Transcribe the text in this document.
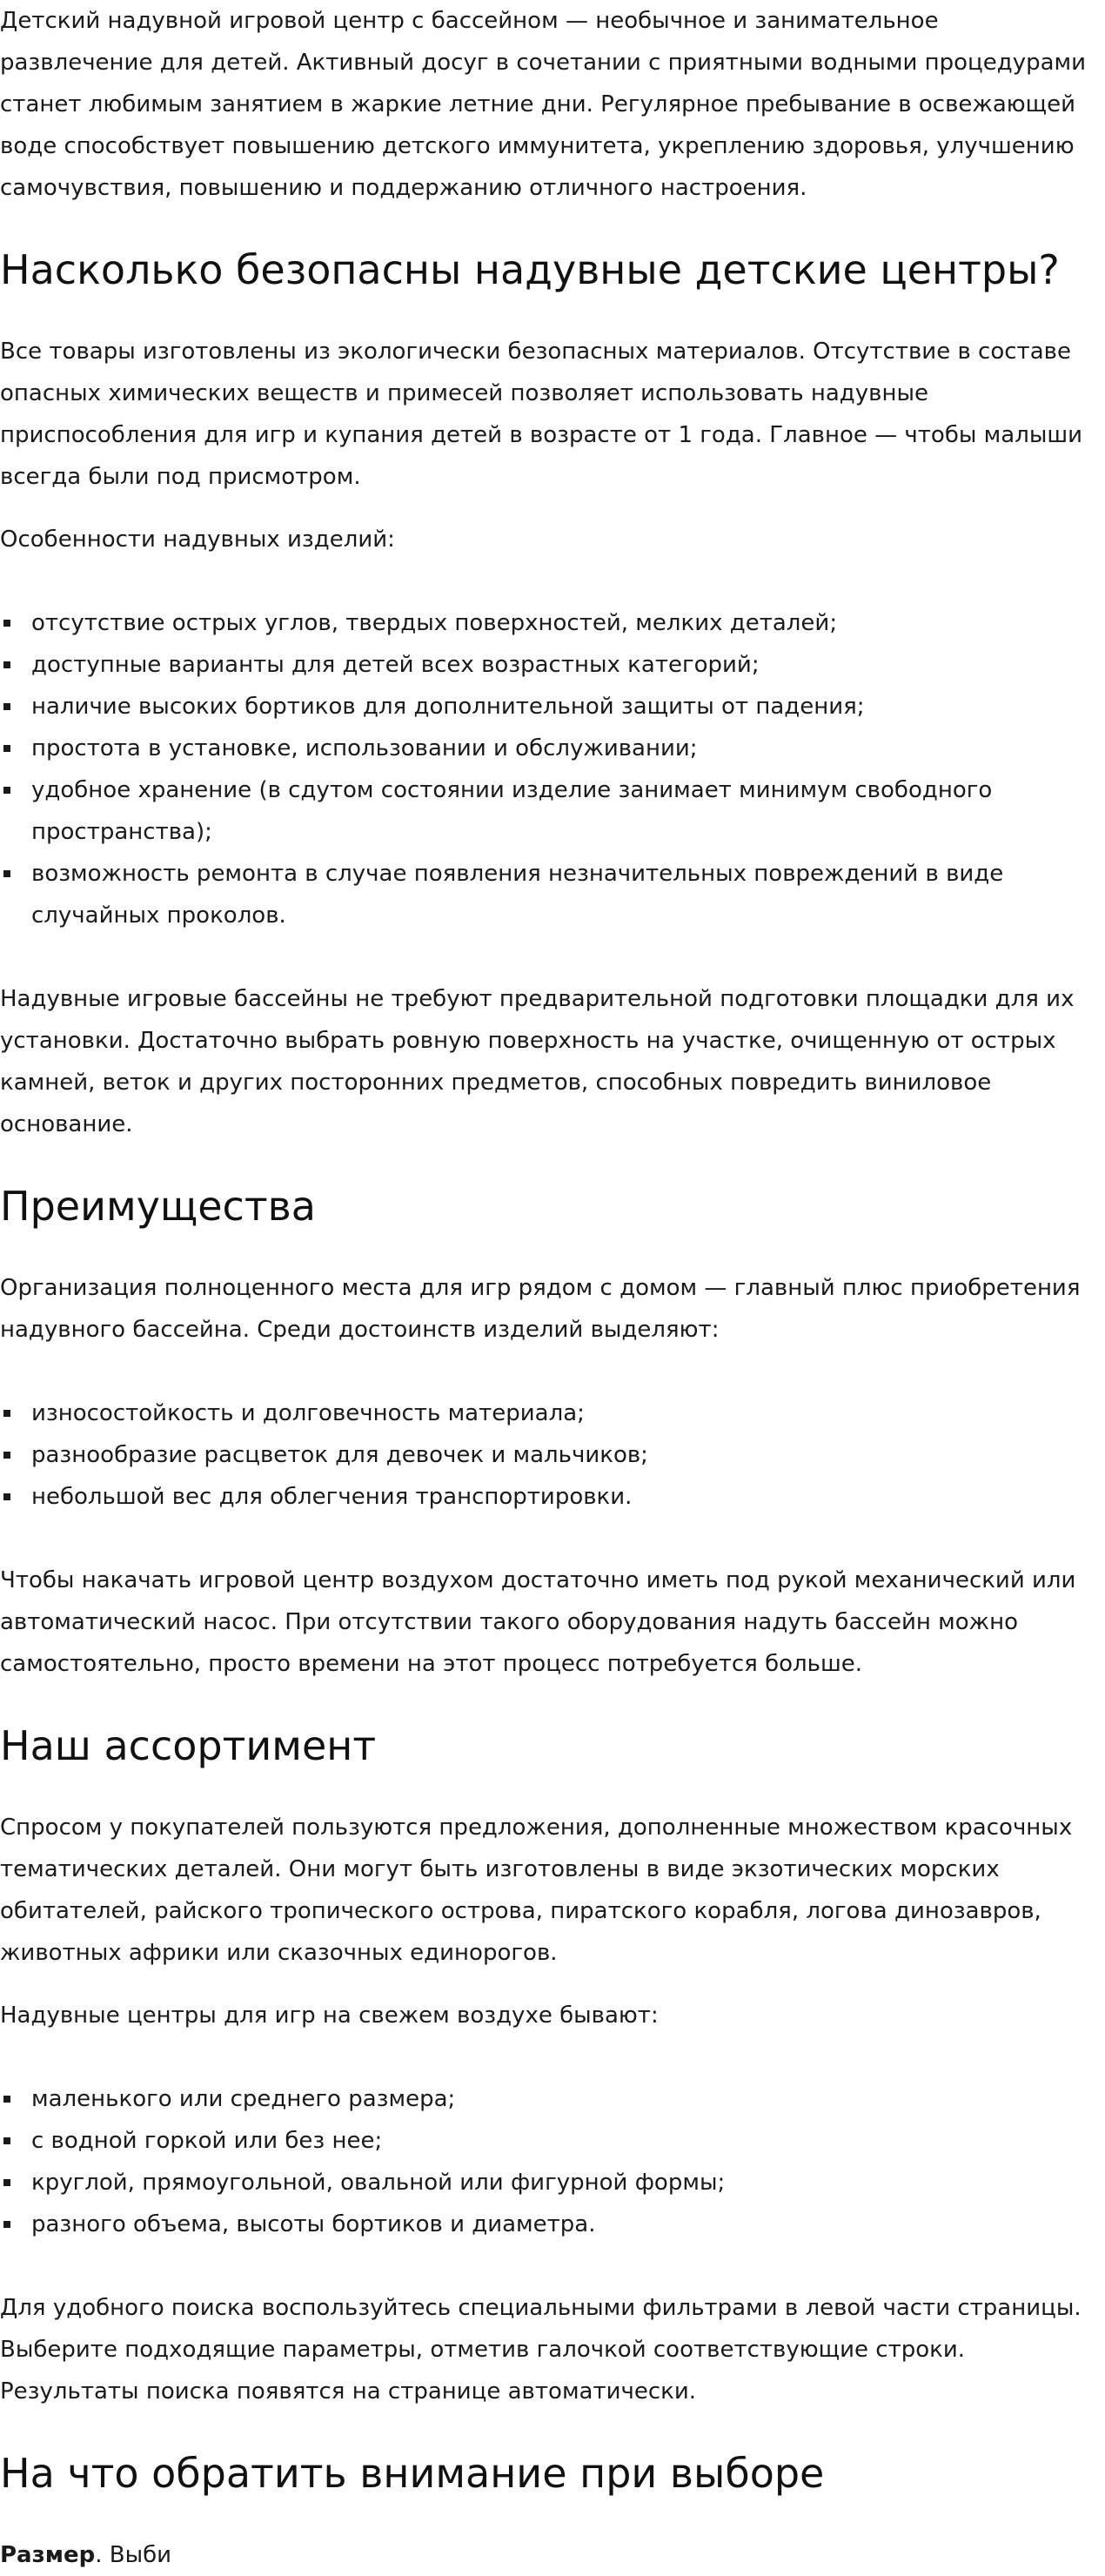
Детский надувной игровой центр с бассейном — необычное и занимательное развлечение для детей. Активный досуг в сочетании с приятными водными процедурами станет любимым занятием в жаркие летние дни. Регулярное пребывание в освежающей воде способствует повышению детского иммунитета, укреплению здоровья, улучшению самочувствия, повышению и поддержанию отличного настроения.

Насколько безопасны надувные детские центры?

Все товары изготовлены из экологически безопасных материалов. Отсутствие в составе опасных химических веществ и примесей позволяет использовать надувные приспособления для игр и купания детей в возрасте от 1 года. Главное — чтобы малыши всегда были под присмотром.

Особенности надувных изделий:

отсутствие острых углов, твердых поверхностей, мелких деталей;
доступные варианты для детей всех возрастных категорий;
наличие высоких бортиков для дополнительной защиты от падения;
простота в установке, использовании и обслуживании;
удобное хранение (в сдутом состоянии изделие занимает минимум свободного пространства);
возможность ремонта в случае появления незначительных повреждений в виде случайных проколов.

Надувные игровые бассейны не требуют предварительной подготовки площадки для их установки. Достаточно выбрать ровную поверхность на участке, очищенную от острых камней, веток и других посторонних предметов, способных повредить виниловое основание.

Преимущества

Организация полноценного места для игр рядом с домом — главный плюс приобретения надувного бассейна. Среди достоинств изделий выделяют:

износостойкость и долговечность материала;
разнообразие расцветок для девочек и мальчиков;
небольшой вес для облегчения транспортировки.

Чтобы накачать игровой центр воздухом достаточно иметь под рукой механический или автоматический насос. При отсутствии такого оборудования надуть бассейн можно самостоятельно, просто времени на этот процесс потребуется больше.

Наш ассортимент

Спросом у покупателей пользуются предложения, дополненные множеством красочных тематических деталей. Они могут быть изготовлены в виде экзотических морских обитателей, райского тропического острова, пиратского корабля, логова динозавров, животных африки или сказочных единорогов.

Надувные центры для игр на свежем воздухе бывают:

маленького или среднего размера;
с водной горкой или без нее;
круглой, прямоугольной, овальной или фигурной формы;
разного объема, высоты бортиков и диаметра.

Для удобного поиска воспользуйтесь специальными фильтрами в левой части страницы. Выберите подходящие параметры, отметив галочкой соответствующие строки. Результаты поиска появятся на странице автоматически.

На что обратить внимание при выборе

Размер. Выби
